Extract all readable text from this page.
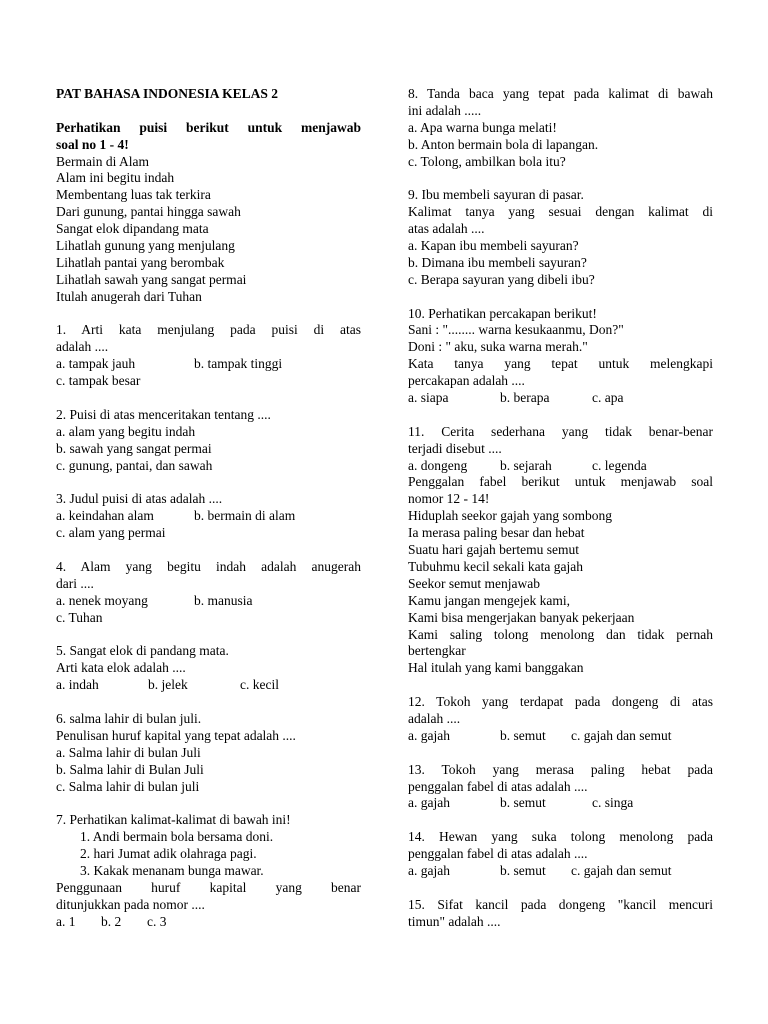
PAT BAHASA INDONESIA KELAS 2
Perhatikan puisi berikut untuk menjawab
soal no 1 - 4!
Bermain di Alam
Alam ini begitu indah
Membentang luas tak terkira
Dari gunung, pantai hingga sawah
Sangat elok dipandang mata
Lihatlah gunung yang menjulang
Lihatlah pantai yang berombak
Lihatlah sawah yang sangat permai
Itulah anugerah dari Tuhan
1. Arti kata menjulang pada puisi di atas
adalah ....
a. tampak jauh	b. tampak tinggi
c. tampak besar
2. Puisi di atas menceritakan tentang ....
a. alam yang begitu indah
b. sawah yang sangat permai
c. gunung, pantai, dan sawah
3. Judul puisi di atas adalah ....
a. keindahan alam	b. bermain di alam
c. alam yang permai
4. Alam yang begitu indah adalah anugerah
dari ....
a. nenek moyang	b. manusia
c. Tuhan
5. Sangat elok di pandang mata.
Arti kata elok adalah ....
a. indah	b. jelek	c. kecil
6. salma lahir di bulan juli.
Penulisan huruf kapital yang tepat adalah ....
a. Salma lahir di bulan Juli
b. Salma lahir di Bulan Juli
c. Salma lahir di bulan juli
7. Perhatikan kalimat-kalimat di bawah ini!
1. Andi bermain bola bersama doni.
2. hari Jumat adik olahraga pagi.
3. Kakak menanam bunga mawar.
Penggunaan huruf kapital yang benar
ditunjukkan pada nomor ....
a. 1 b. 2 c. 3
8. Tanda baca yang tepat pada kalimat di bawah
ini adalah .....
a. Apa warna bunga melati!
b. Anton bermain bola di lapangan.
c. Tolong, ambilkan bola itu?
9. Ibu membeli sayuran di pasar.
Kalimat tanya yang sesuai dengan kalimat di
atas adalah ....
a. Kapan ibu membeli sayuran?
b. Dimana ibu membeli sayuran?
c. Berapa sayuran yang dibeli ibu?
10. Perhatikan percakapan berikut!
Sani : "........ warna kesukaanmu, Don?"
Doni : " aku, suka warna merah."
Kata tanya yang tepat untuk melengkapi
percakapan adalah ....
a. siapa	b. berapa	c. apa
11. Cerita sederhana yang tidak benar-benar
terjadi disebut ....
a. dongeng b. sejarah	c. legenda
Penggalan fabel berikut untuk menjawab soal
nomor 12 - 14!
Hiduplah seekor gajah yang sombong
Ia merasa paling besar dan hebat
Suatu hari gajah bertemu semut
Tubuhmu kecil sekali kata gajah
Seekor semut menjawab
Kamu jangan mengejek kami,
Kami bisa mengerjakan banyak pekerjaan
Kami saling tolong menolong dan tidak pernah
bertengkar
Hal itulah yang kami banggakan
12. Tokoh yang terdapat pada dongeng di atas
adalah ....
a. gajah	b. semut c. gajah dan semut
13. Tokoh yang merasa paling hebat pada
penggalan fabel di atas adalah ....
a. gajah	b. semut	c. singa
14. Hewan yang suka tolong menolong pada
penggalan fabel di atas adalah ....
a. gajah	b. semut c. gajah dan semut
15. Sifat kancil pada dongeng "kancil mencuri
timun" adalah ....
